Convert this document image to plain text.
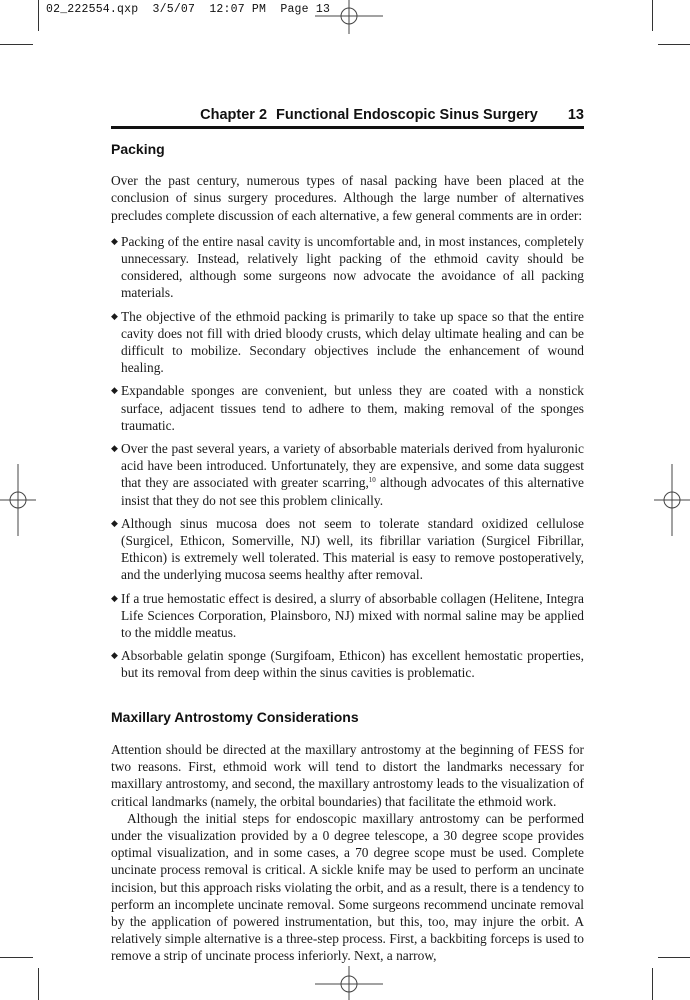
02_222554.qxp  3/5/07  12:07 PM  Page 13
Chapter 2 Functional Endoscopic Sinus Surgery 13
Packing

Over the past century, numerous types of nasal packing have been placed at the conclusion of sinus surgery procedures. Although the large number of alternatives precludes complete discussion of each alternative, a few general comments are in order:

◆ Packing of the entire nasal cavity is uncomfortable and, in most instances, completely unnecessary. Instead, relatively light packing of the ethmoid cavity should be considered, although some surgeons now advocate the avoidance of all packing materials.
◆ The objective of the ethmoid packing is primarily to take up space so that the entire cavity does not fill with dried bloody crusts, which delay ultimate healing and can be difficult to mobilize. Secondary objectives include the enhancement of wound healing.
◆ Expandable sponges are convenient, but unless they are coated with a nonstick surface, adjacent tissues tend to adhere to them, making removal of the sponges traumatic.
◆ Over the past several years, a variety of absorbable materials derived from hyaluronic acid have been introduced. Unfortunately, they are expensive, and some data suggest that they are associated with greater scarring,$^{10}$ although advocates of this alternative insist that they do not see this problem clinically.
◆ Although sinus mucosa does not seem to tolerate standard oxidized cellulose (Surgicel, Ethicon, Somerville, NJ) well, its fibrillar variation (Surgicel Fibrillar, Ethicon) is extremely well tolerated. This material is easy to remove postoperatively, and the underlying mucosa seems healthy after removal.
◆ If a true hemostatic effect is desired, a slurry of absorbable collagen (Helitene, Integra Life Sciences Corporation, Plainsboro, NJ) mixed with normal saline may be applied to the middle meatus.
◆ Absorbable gelatin sponge (Surgifoam, Ethicon) has excellent hemostatic properties, but its removal from deep within the sinus cavities is problematic.
Maxillary Antrostomy Considerations

Attention should be directed at the maxillary antrostomy at the beginning of FESS for two reasons. First, ethmoid work will tend to distort the landmarks necessary for maxillary antrostomy, and second, the maxillary antrostomy leads to the visualization of critical landmarks (namely, the orbital boundaries) that facilitate the ethmoid work.

Although the initial steps for endoscopic maxillary antrostomy can be performed under the visualization provided by a 0 degree telescope, a 30 degree scope provides optimal visualization, and in some cases, a 70 degree scope must be used. Complete uncinate process removal is critical. A sickle knife may be used to perform an uncinate incision, but this approach risks violating the orbit, and as a result, there is a tendency to perform an incomplete uncinate removal. Some surgeons recommend uncinate removal by the application of powered instrumentation, but this, too, may injure the orbit. A relatively simple alternative is a three-step process. First, a backbiting forceps is used to remove a strip of uncinate process inferiorly. Next, a narrow,
